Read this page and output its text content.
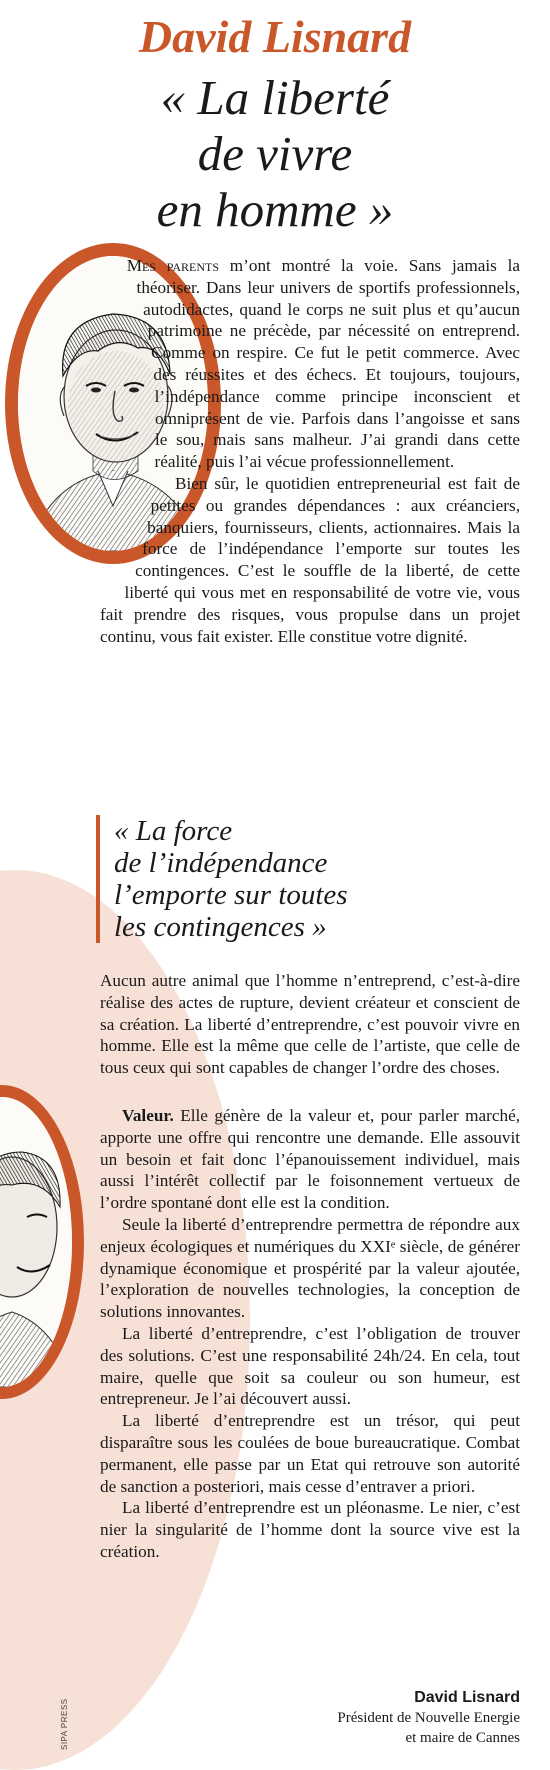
David Lisnard
« La liberté
de vivre
en homme »

Mes parents m’ont montré la voie. Sans jamais la théoriser. Dans leur univers de sportifs professionnels, autodidactes, quand le corps ne suit plus et qu’aucun patrimoine ne précède, par nécessité on entreprend. Comme on respire. Ce fut le petit commerce. Avec des réussites et des échecs. Et toujours, toujours, l’indépendance comme principe inconscient et omniprésent de vie. Parfois dans l’angoisse et sans le sou, mais sans malheur. J’ai grandi dans cette réalité, puis l’ai vécue professionnellement.

Bien sûr, le quotidien entrepreneurial est fait de petites ou grandes dépendances : aux créanciers, banquiers, fournisseurs, clients, actionnaires. Mais la force de l’indépendance l’emporte sur toutes les contingences. C’est le souffle de la liberté, de cette liberté qui vous met en responsabilité de votre vie, vous fait prendre des risques, vous propulse dans un projet continu, vous fait exister. Elle constitue votre dignité.

« La force
de l’indépendance
l’emporte sur toutes
les contingences »

Aucun autre animal que l’homme n’entreprend, c’est-à-dire réalise des actes de rupture, devient créateur et conscient de sa création. La liberté d’entreprendre, c’est pouvoir vivre en homme. Elle est la même que celle de l’artiste, que celle de tous ceux qui sont capables de changer l’ordre des choses.

Valeur. Elle génère de la valeur et, pour parler marché, apporte une offre qui rencontre une demande. Elle assouvit un besoin et fait donc l’épanouissement individuel, mais aussi l’intérêt collectif par le foisonnement vertueux de l’ordre spontané dont elle est la condition.

Seule la liberté d’entreprendre permettra de répondre aux enjeux écologiques et numériques du XXIᵉ siècle, de générer dynamique économique et prospérité par la valeur ajoutée, l’exploration de nouvelles technologies, la conception de solutions innovantes.

La liberté d’entreprendre, c’est l’obligation de trouver des solutions. C’est une responsabilité 24h/24. En cela, tout maire, quelle que soit sa couleur ou son humeur, est entrepreneur. Je l’ai découvert aussi.

La liberté d’entreprendre est un trésor, qui peut disparaître sous les coulées de boue bureaucratique. Combat permanent, elle passe par un Etat qui retrouve son autorité de sanction a posteriori, mais cesse d’entraver a priori.

La liberté d’entreprendre est un pléonasme. Le nier, c’est nier la singularité de l’homme dont la source vive est la création.

David Lisnard
Président de Nouvelle Energie
et maire de Cannes
SIPA PRESS
